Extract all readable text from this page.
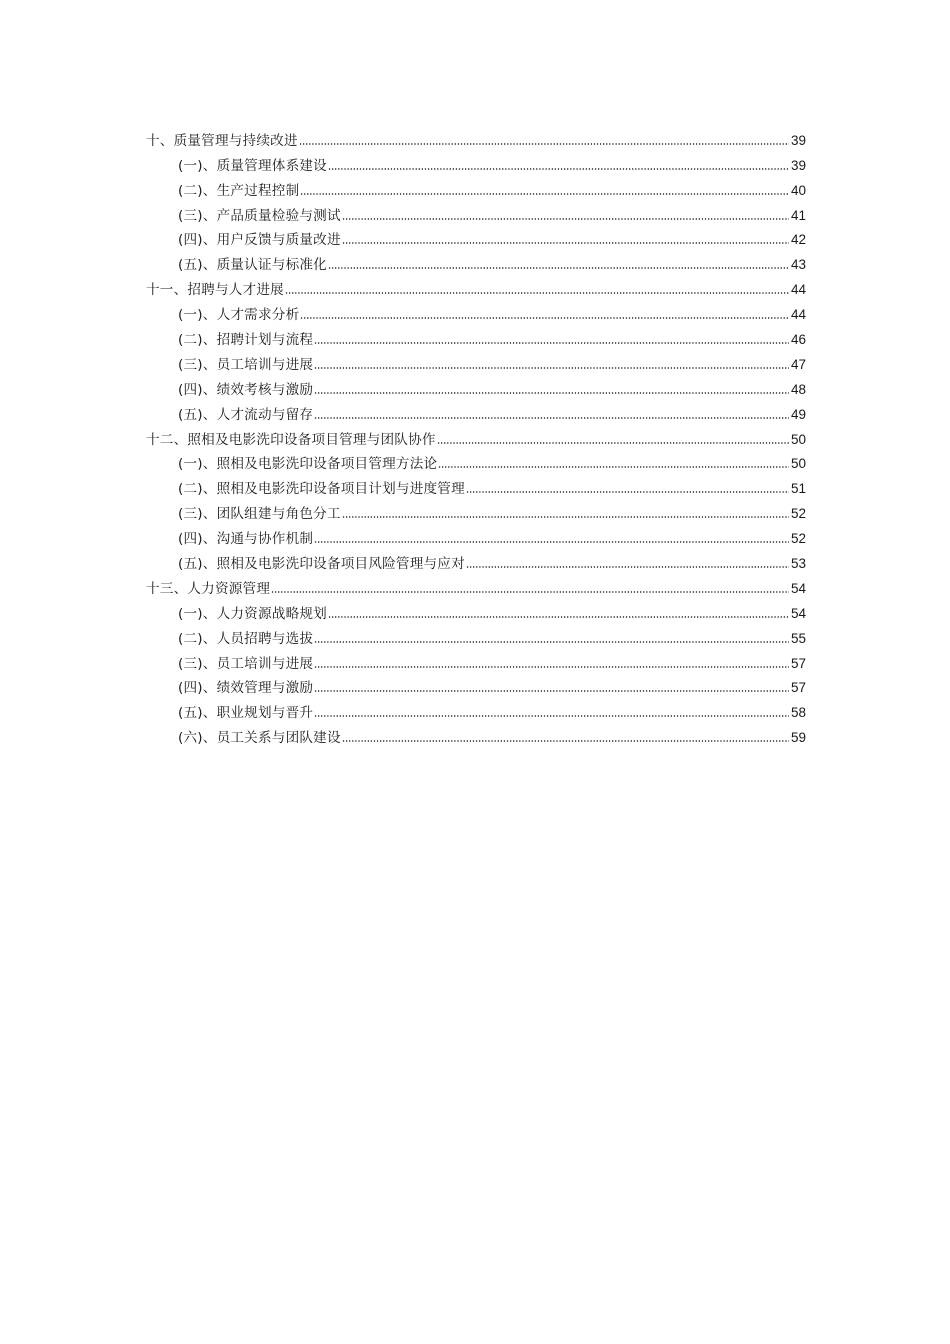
十、质量管理与持续改进	39
(一)、质量管理体系建设	39
(二)、生产过程控制	40
(三)、产品质量检验与测试	41
(四)、用户反馈与质量改进	42
(五)、质量认证与标准化	43
十一、招聘与人才进展	44
(一)、人才需求分析	44
(二)、招聘计划与流程	46
(三)、员工培训与进展	47
(四)、绩效考核与激励	48
(五)、人才流动与留存	49
十二、照相及电影洗印设备项目管理与团队协作	50
(一)、照相及电影洗印设备项目管理方法论	50
(二)、照相及电影洗印设备项目计划与进度管理	51
(三)、团队组建与角色分工	52
(四)、沟通与协作机制	52
(五)、照相及电影洗印设备项目风险管理与应对	53
十三、人力资源管理	54
(一)、人力资源战略规划	54
(二)、人员招聘与选拔	55
(三)、员工培训与进展	57
(四)、绩效管理与激励	57
(五)、职业规划与晋升	58
(六)、员工关系与团队建设	59
